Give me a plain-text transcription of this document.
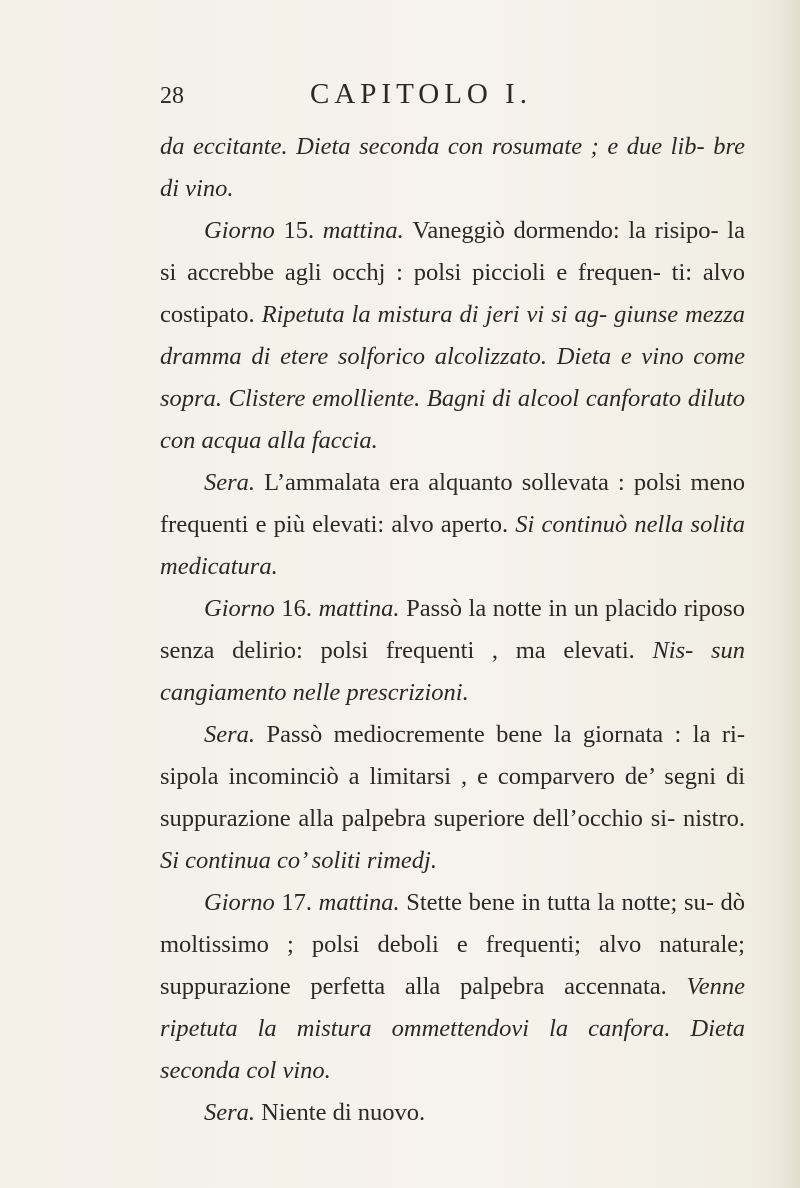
28	CAPITOLO I.

da eccitante. Dieta seconda con rosumate ; e due lib- bre di vino.

Giorno 15. mattina. Vaneggiò dormendo: la risipo- la si accrebbe agli occhj : polsi piccioli e frequen- ti: alvo costipato. Ripetuta la mistura di jeri vi si ag- giunse mezza dramma di etere solforico alcolizzato. Dieta e vino come sopra. Clistere emolliente. Bagni di alcool canforato diluto con acqua alla faccia.

Sera. L’ammalata era alquanto sollevata : polsi meno frequenti e più elevati: alvo aperto. Si continuò nella solita medicatura.

Giorno 16. mattina. Passò la notte in un placido riposo senza delirio: polsi frequenti , ma elevati. Nis- sun cangiamento nelle prescrizioni.

Sera. Passò mediocremente bene la giornata : la ri- sipola incominciò a limitarsi , e comparvero de’ segni di suppurazione alla palpebra superiore dell’occhio si- nistro. Si continua co’ soliti rimedj.

Giorno 17. mattina. Stette bene in tutta la notte; su- dò moltissimo ; polsi deboli e frequenti; alvo naturale; suppurazione perfetta alla palpebra accennata. Venne ripetuta la mistura ommettendovi la canfora. Dieta seconda col vino.

Sera. Niente di nuovo.
